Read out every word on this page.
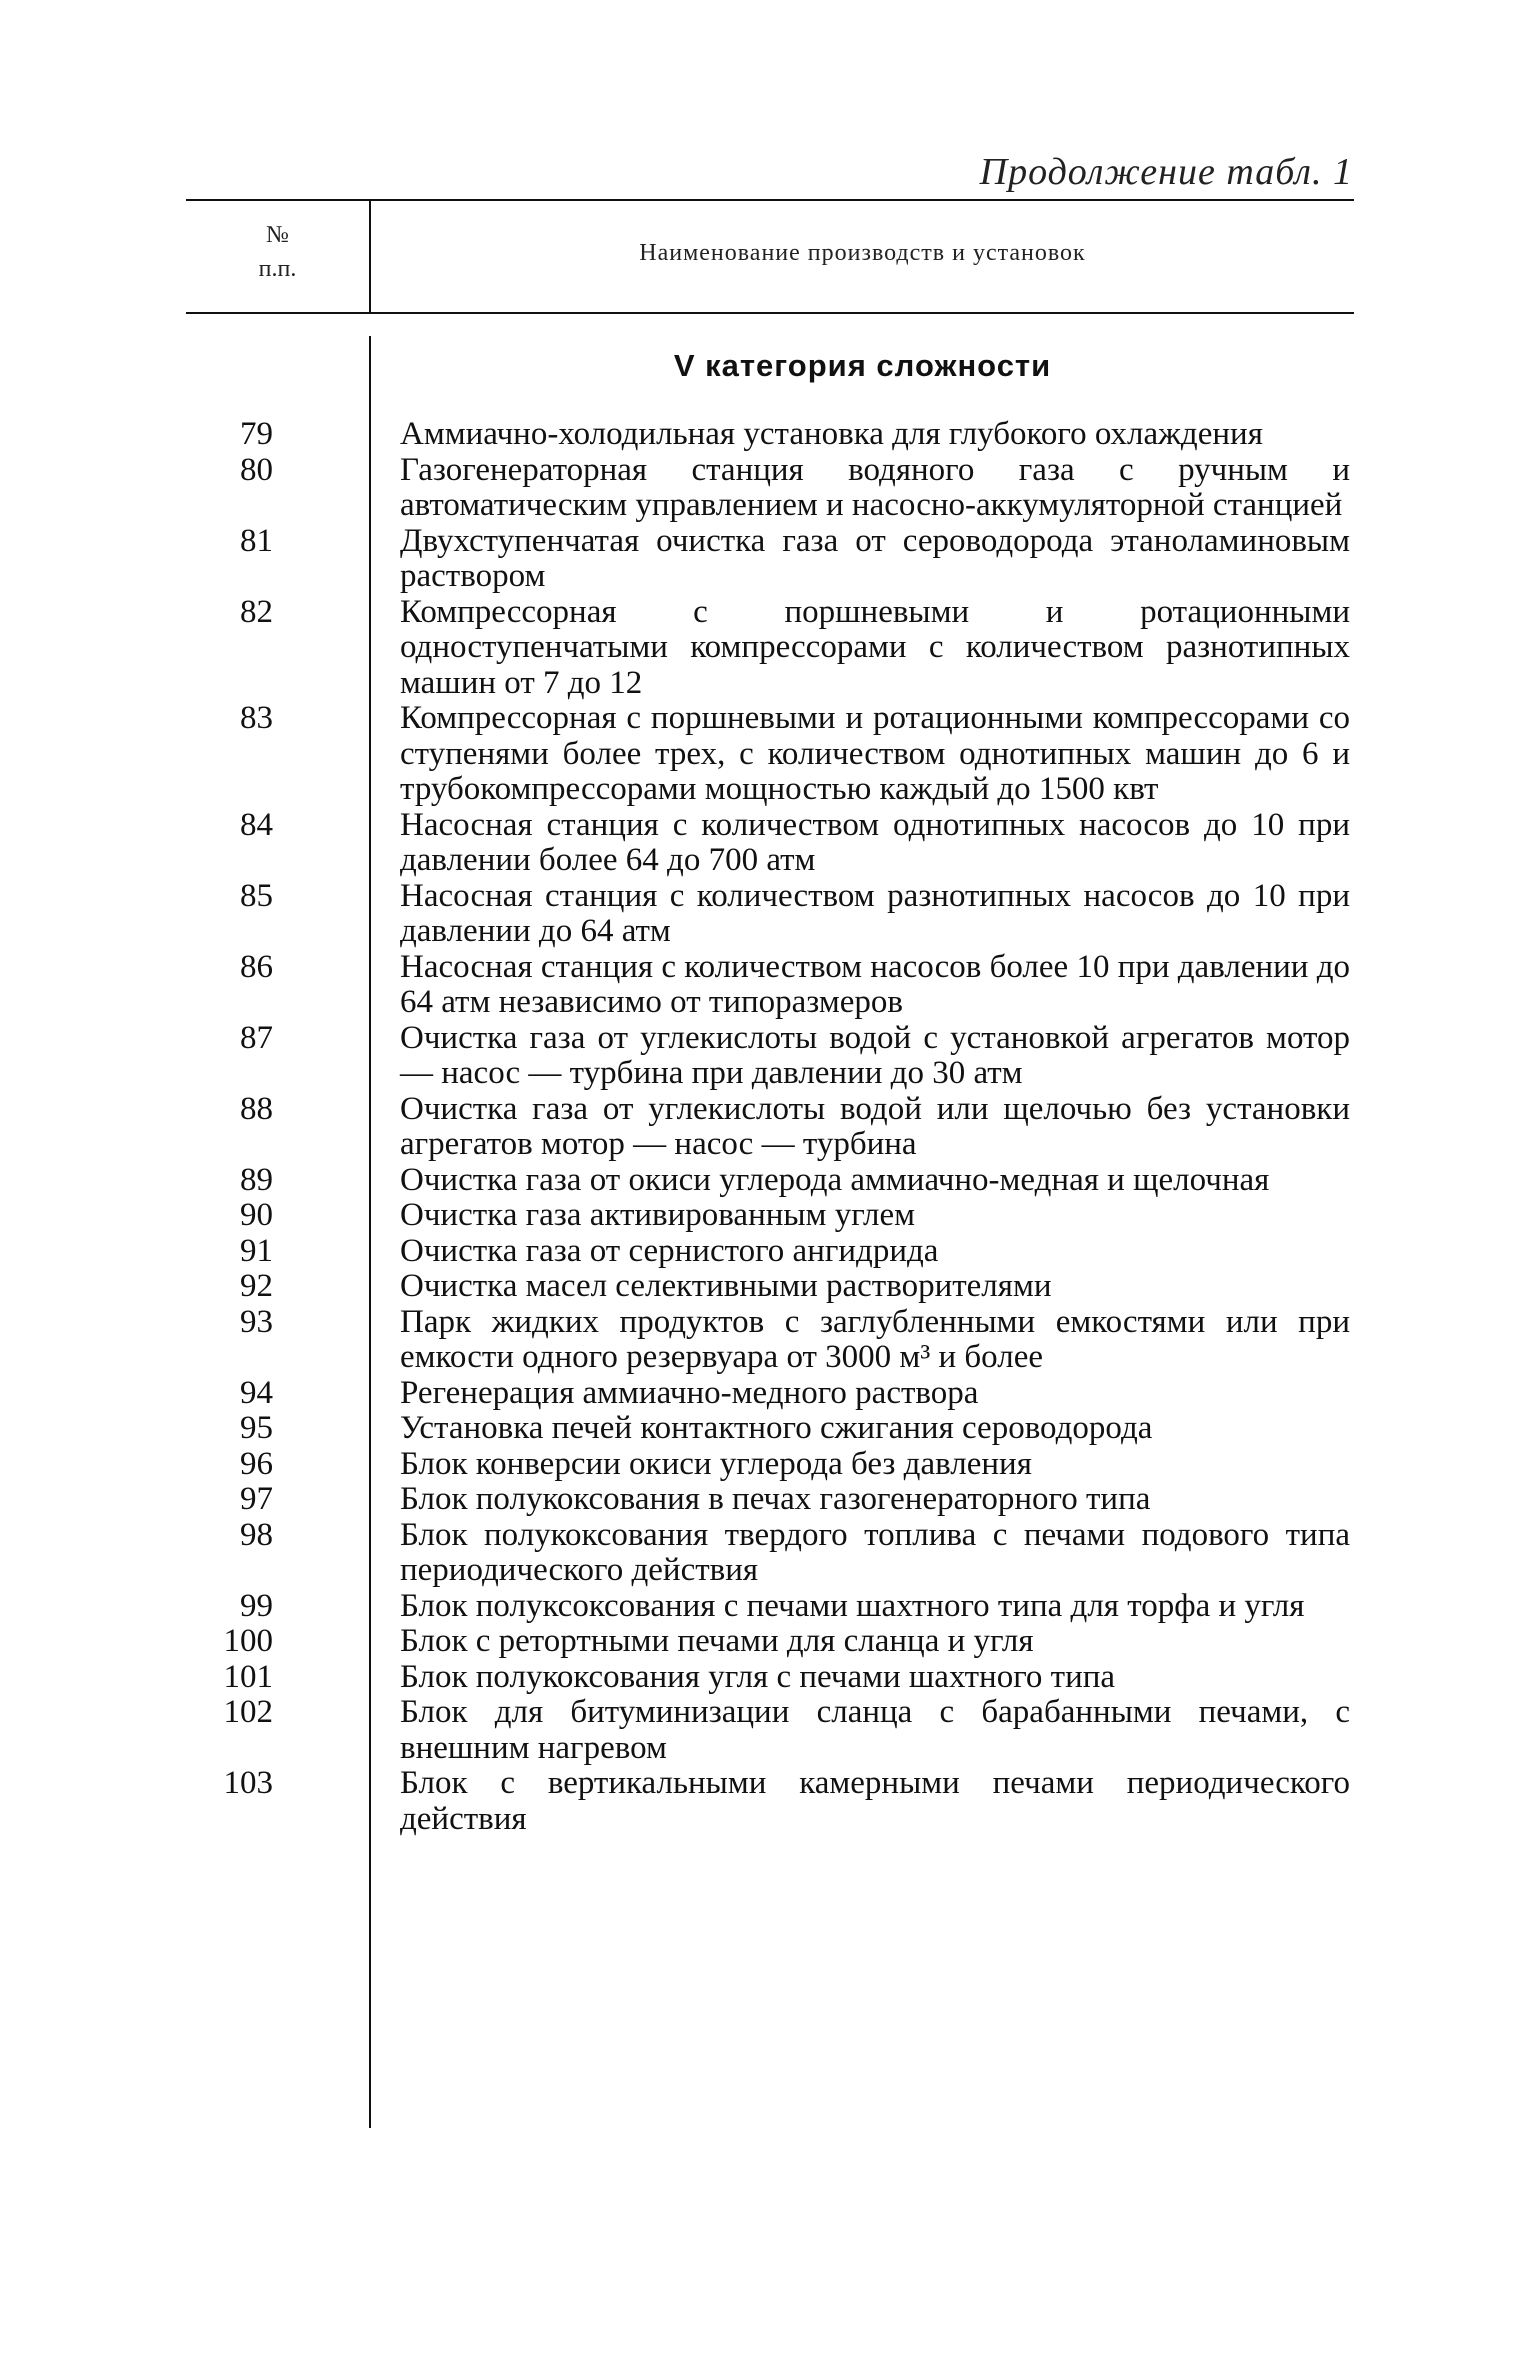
Продолжение табл. 1
№ п.п.
Наименование производств и установок
V категория сложности
79	Аммиачно-холодильная установка для глубокого охлаждения
80	Газогенераторная станция водяного газа с ручным и автоматическим управлением и насосно-аккумуляторной станцией
81	Двухступенчатая очистка газа от сероводорода этаноламиновым раствором
82	Компрессорная с поршневыми и ротационными одноступенчатыми компрессорами с количеством разнотипных машин от 7 до 12
83	Компрессорная с поршневыми и ротационными компрессорами со ступенями более трех, с количеством однотипных машин до 6 и трубокомпрессорами мощностью каждый до 1500 квт
84	Насосная станция с количеством однотипных насосов до 10 при давлении более 64 до 700 атм
85	Насосная станция с количеством разнотипных насосов до 10 при давлении до 64 атм
86	Насосная станция с количеством насосов более 10 при давлении до 64 атм независимо от типоразмеров
87	Очистка газа от углекислоты водой с установкой агрегатов мотор — насос — турбина при давлении до 30 атм
88	Очистка газа от углекислоты водой или щелочью без установки агрегатов мотор — насос — турбина
89	Очистка газа от окиси углерода аммиачно-медная и щелочная
90	Очистка газа активированным углем
91	Очистка газа от сернистого ангидрида
92	Очистка масел селективными растворителями
93	Парк жидких продуктов с заглубленными емкостями или при емкости одного резервуара от 3000 м³ и более
94	Регенерация аммиачно-медного раствора
95	Установка печей контактного сжигания сероводорода
96	Блок конверсии окиси углерода без давления
97	Блок полукоксования в печах газогенераторного типа
98	Блок полукоксования твердого топлива с печами подового типа периодического действия
99	Блок полуксоксования с печами шахтного типа для торфа и угля
100	Блок с ретортными печами для сланца и угля
101	Блок полукоксования угля с печами шахтного типа
102	Блок для битуминизации сланца с барабанными печами, с внешним нагревом
103	Блок с вертикальными камерными печами периодического действия
